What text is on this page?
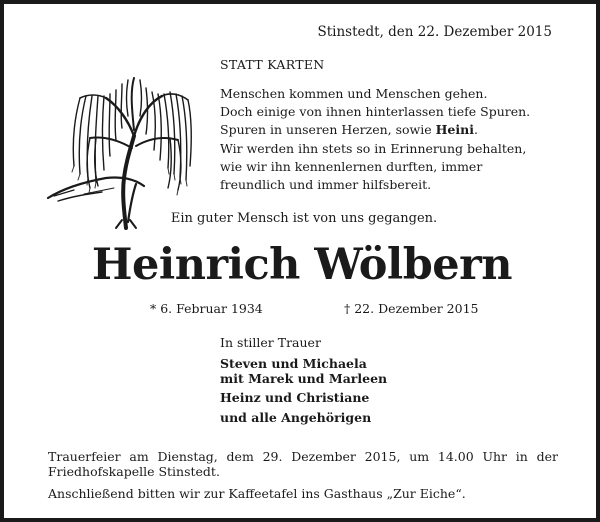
Stinstedt, den 22. Dezember 2015

STATT KARTEN

Menschen kommen und Menschen gehen.
Doch einige von ihnen hinterlassen tiefe Spuren.
Spuren in unseren Herzen, sowie Heini.
Wir werden ihn stets so in Erinnerung behalten,
wie wir ihn kennenlernen durften, immer
freundlich und immer hilfsbereit.

Ein guter Mensch ist von uns gegangen.

Heinrich Wölbern

* 6. Februar 1934	† 22. Dezember 2015

In stiller Trauer

Steven und Michaela
mit Marek und Marleen
Heinz und Christiane
und alle Angehörigen

Trauerfeier am Dienstag, dem 29. Dezember 2015, um 14.00 Uhr in der Friedhofskapelle Stinstedt.

Anschließend bitten wir zur Kaffeetafel ins Gasthaus „Zur Eiche“.
